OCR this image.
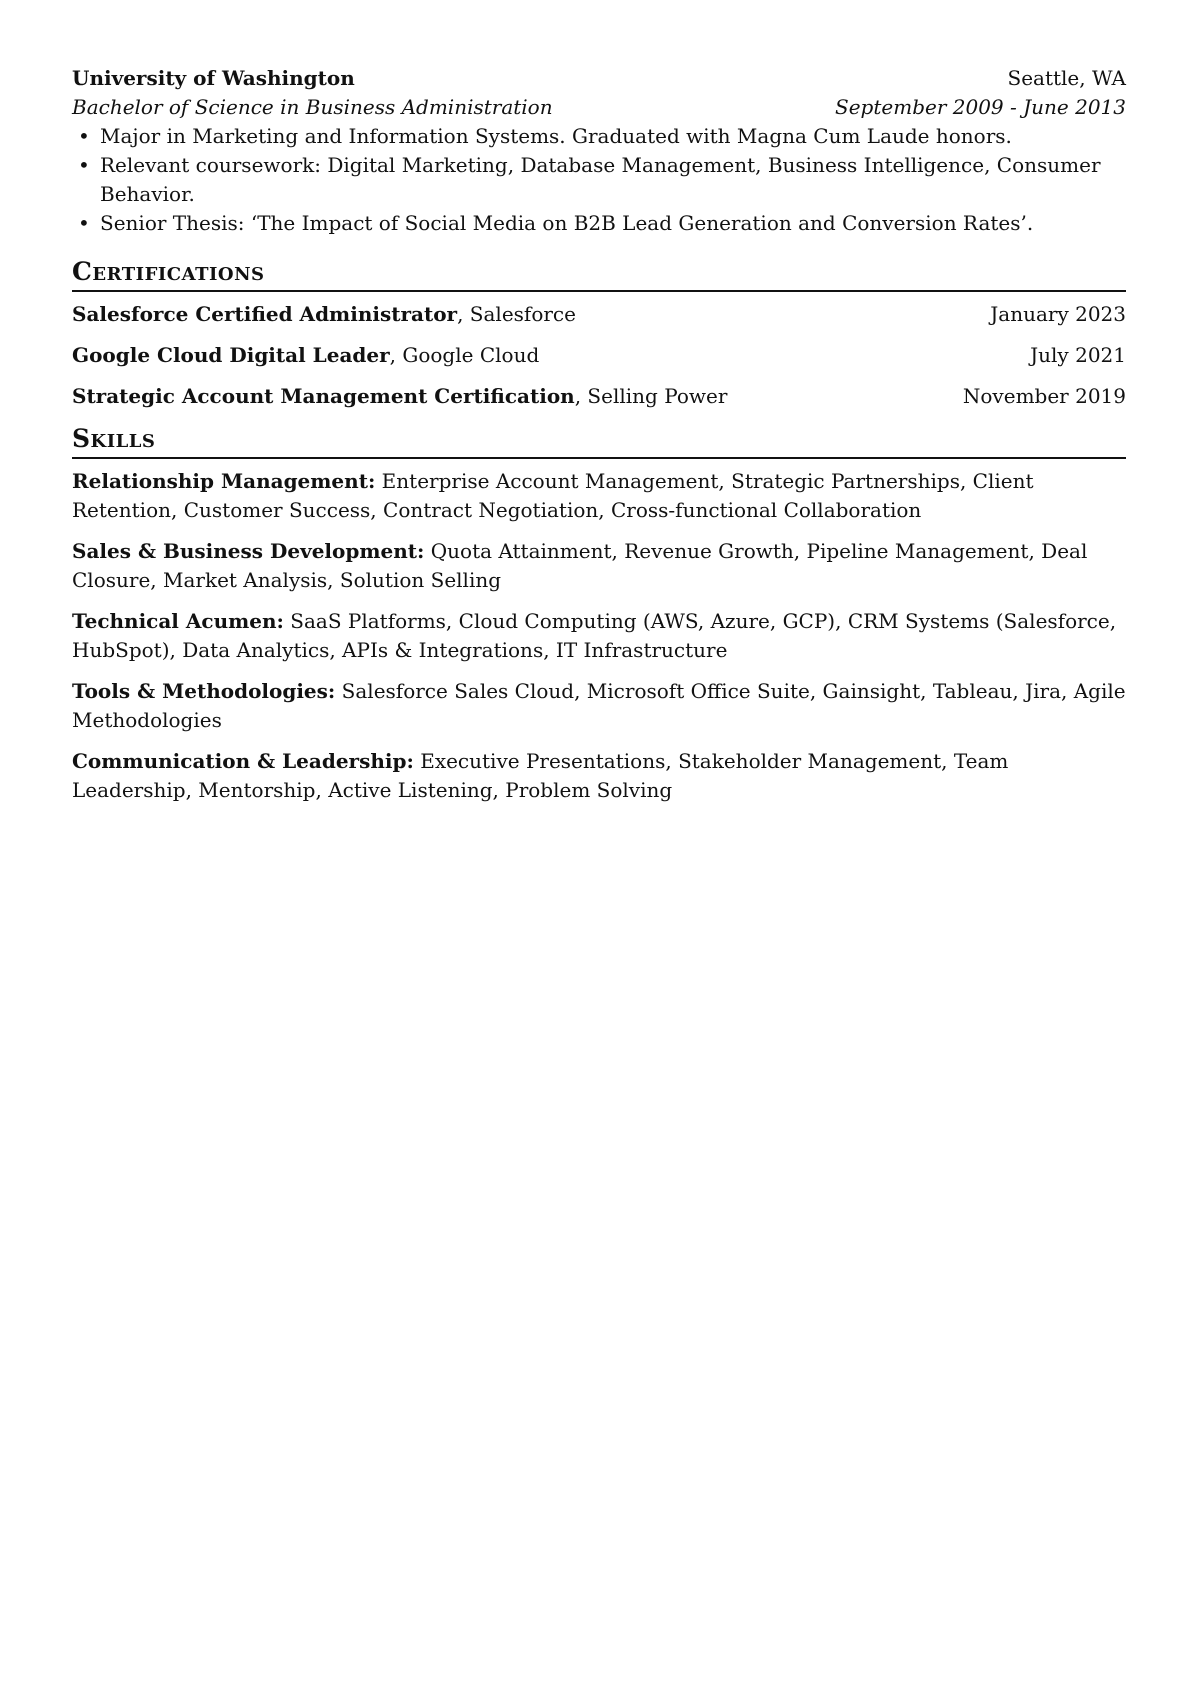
University of Washington	Seattle, WA
Bachelor of Science in Business Administration	September 2009 - June 2013
• Major in Marketing and Information Systems. Graduated with Magna Cum Laude honors.
• Relevant coursework: Digital Marketing, Database Management, Business Intelligence, Consumer Behavior.
• Senior Thesis: ‘The Impact of Social Media on B2B Lead Generation and Conversion Rates’.
Certifications
Salesforce Certified Administrator, Salesforce	January 2023
Google Cloud Digital Leader, Google Cloud	July 2021
Strategic Account Management Certification, Selling Power	November 2019
Skills
Relationship Management: Enterprise Account Management, Strategic Partnerships, Client Retention, Customer Success, Contract Negotiation, Cross-functional Collaboration
Sales & Business Development: Quota Attainment, Revenue Growth, Pipeline Management, Deal Closure, Market Analysis, Solution Selling
Technical Acumen: SaaS Platforms, Cloud Computing (AWS, Azure, GCP), CRM Systems (Salesforce, HubSpot), Data Analytics, APIs & Integrations, IT Infrastructure
Tools & Methodologies: Salesforce Sales Cloud, Microsoft Office Suite, Gainsight, Tableau, Jira, Agile Methodologies
Communication & Leadership: Executive Presentations, Stakeholder Management, Team Leadership, Mentorship, Active Listening, Problem Solving
